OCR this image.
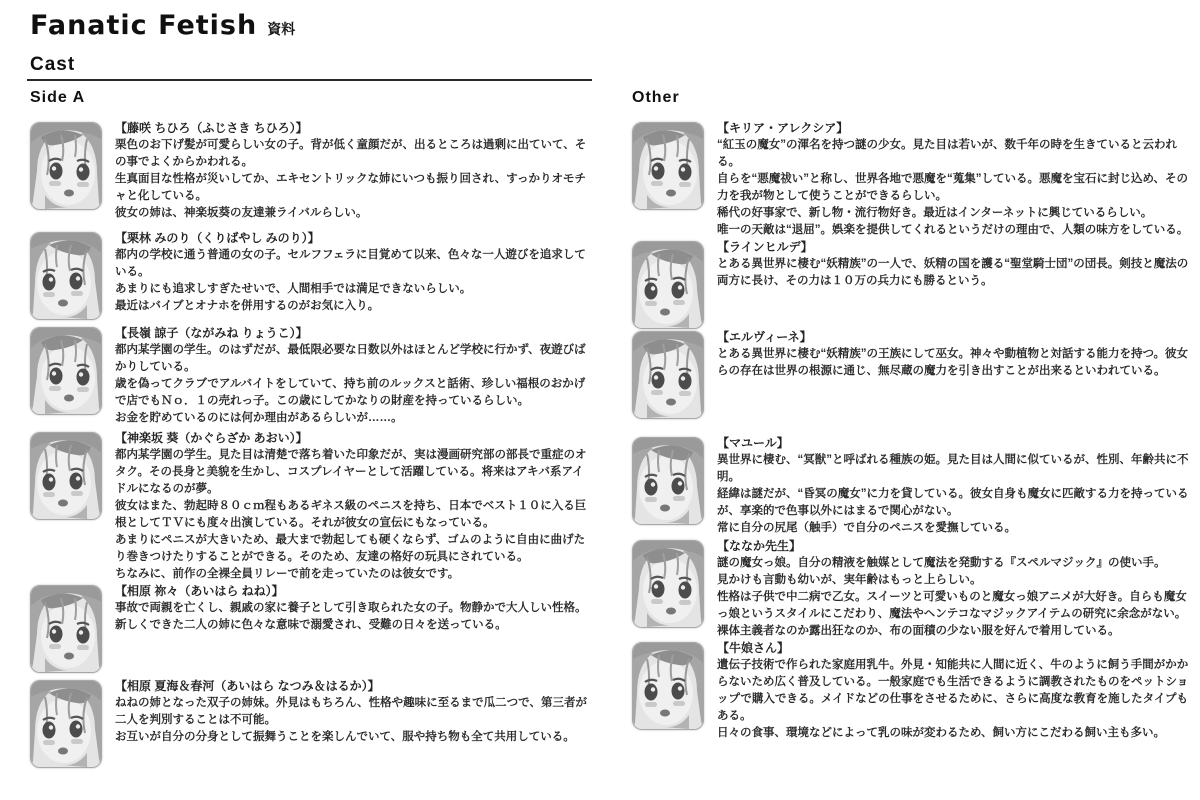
Fanatic Fetish 資料
Cast
Side A
【藤咲 ちひろ（ふじさき ちひろ）】
栗色のお下げ髪が可愛らしい女の子。背が低く童顔だが、出るところは過剰に出ていて、その事でよくからかわれる。
生真面目な性格が災いしてか、エキセントリックな姉にいつも振り回され、すっかりオモチャと化している。
彼女の姉は、神楽坂葵の友達兼ライバルらしい。
【栗林 みのり（くりばやし みのり）】
都内の学校に通う普通の女の子。セルフフェラに目覚めて以来、色々な一人遊びを追求している。
あまりにも追求しすぎたせいで、人間相手では満足できないらしい。
最近はバイブとオナホを併用するのがお気に入り。
【長嶺 諒子（ながみね りょうこ）】
都内某学園の学生。のはずだが、最低限必要な日数以外はほとんど学校に行かず、夜遊びばかりしている。
歳を偽ってクラブでアルバイトをしていて、持ち前のルックスと話術、珍しい福根のおかげで店でもＮｏ．１の売れっ子。この歳にしてかなりの財産を持っているらしい。
お金を貯めているのには何か理由があるらしいが……。
【神楽坂 葵（かぐらざか あおい）】
都内某学園の学生。見た目は清楚で落ち着いた印象だが、実は漫画研究部の部長で重症のオタク。その長身と美貌を生かし、コスプレイヤーとして活躍している。将来はアキバ系アイドルになるのが夢。
彼女はまた、勃起時８０ｃｍ程もあるギネス級のペニスを持ち、日本でベスト１０に入る巨根としてＴＶにも度々出演している。それが彼女の宣伝にもなっている。
あまりにペニスが大きいため、最大まで勃起しても硬くならず、ゴムのように自由に曲げたり巻きつけたりすることができる。そのため、友達の格好の玩具にされている。
ちなみに、前作の全裸全員リレーで前を走っていたのは彼女です。
【相原 祢々（あいはら ねね）】
事故で両親を亡くし、親戚の家に養子として引き取られた女の子。物静かで大人しい性格。
新しくできた二人の姉に色々な意味で溺愛され、受難の日々を送っている。
【相原 夏海＆春河（あいはら なつみ＆はるか）】
ねねの姉となった双子の姉妹。外見はもちろん、性格や趣味に至るまで瓜二つで、第三者が二人を判別することは不可能。
お互いが自分の分身として振舞うことを楽しんでいて、服や持ち物も全て共用している。
Other
【キリア・アレクシア】
“紅玉の魔女”の渾名を持つ謎の少女。見た目は若いが、数千年の時を生きていると云われる。
自らを“悪魔祓い”と称し、世界各地で悪魔を“蒐集”している。悪魔を宝石に封じ込め、その力を我が物として使うことができるらしい。
稀代の好事家で、新し物・流行物好き。最近はインターネットに興じているらしい。
唯一の天敵は“退屈”。娯楽を提供してくれるというだけの理由で、人類の味方をしている。
【ラインヒルデ】
とある異世界に棲む“妖精族”の一人で、妖精の国を護る“聖堂騎士団”の団長。剣技と魔法の両方に長け、その力は１０万の兵力にも勝るという。
【エルヴィーネ】
とある異世界に棲む“妖精族”の王族にして巫女。神々や動植物と対話する能力を持つ。彼女らの存在は世界の根源に通じ、無尽蔵の魔力を引き出すことが出来るといわれている。
【マユール】
異世界に棲む、“冥獣”と呼ばれる種族の姫。見た目は人間に似ているが、性別、年齢共に不明。
経緯は謎だが、“昏冥の魔女”に力を貸している。彼女自身も魔女に匹敵する力を持っているが、享楽的で色事以外にはまるで関心がない。
常に自分の尻尾（触手）で自分のペニスを愛撫している。
【ななか先生】
謎の魔女っ娘。自分の精液を触媒として魔法を発動する『スペルマジック』の使い手。
見かけも言動も幼いが、実年齢はもっと上らしい。
性格は子供で中二病で乙女。スイーツと可愛いものと魔女っ娘アニメが大好き。自らも魔女っ娘というスタイルにこだわり、魔法やヘンテコなマジックアイテムの研究に余念がない。
裸体主義者なのか露出狂なのか、布の面積の少ない服を好んで着用している。
【牛娘さん】
遺伝子技術で作られた家庭用乳牛。外見・知能共に人間に近く、牛のように飼う手間がかからないため広く普及している。一般家庭でも生活できるように調教されたものをペットショップで購入できる。メイドなどの仕事をさせるために、さらに高度な教育を施したタイプもある。
日々の食事、環境などによって乳の味が変わるため、飼い方にこだわる飼い主も多い。
